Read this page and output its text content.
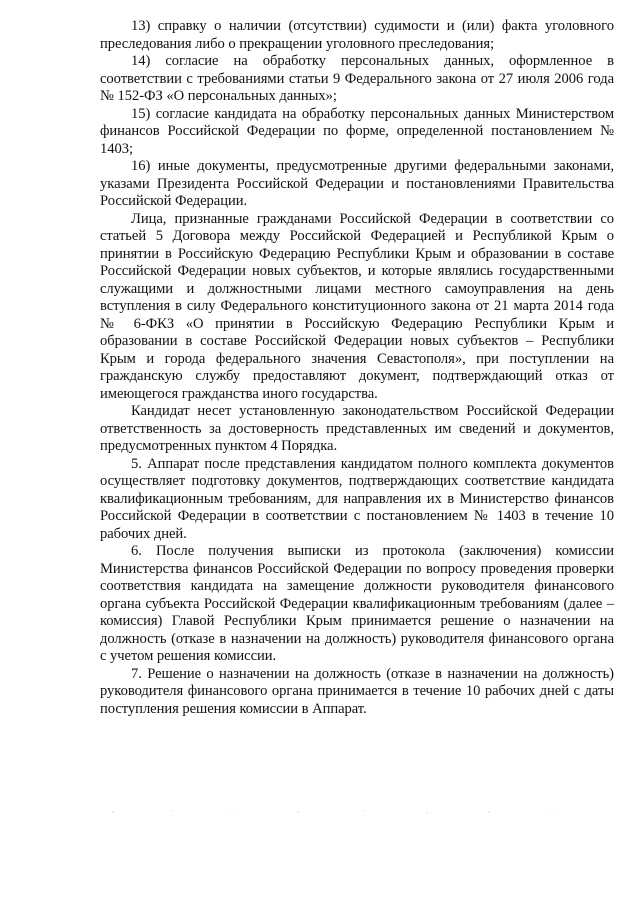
13) справку о наличии (отсутствии) судимости и (или) факта уголовного преследования либо о прекращении уголовного преследования;

14) согласие на обработку персональных данных, оформленное в соответствии с требованиями статьи 9 Федерального закона от 27 июля 2006 года № 152-ФЗ «О персональных данных»;

15) согласие кандидата на обработку персональных данных Министерством финансов Российской Федерации по форме, определенной постановлением № 1403;

16) иные документы, предусмотренные другими федеральными законами, указами Президента Российской Федерации и постановлениями Правительства Российской Федерации.

Лица, признанные гражданами Российской Федерации в соответствии со статьей 5 Договора между Российской Федерацией и Республикой Крым о принятии в Российскую Федерацию Республики Крым и образовании в составе Российской Федерации новых субъектов, и которые являлись государственными служащими и должностными лицами местного самоуправления на день вступления в силу Федерального конституционного закона от 21 марта 2014 года № 6-ФКЗ «О принятии в Российскую Федерацию Республики Крым и образовании в составе Российской Федерации новых субъектов – Республики Крым и города федерального значения Севастополя», при поступлении на гражданскую службу предоставляют документ, подтверждающий отказ от имеющегося гражданства иного государства.

Кандидат несет установленную законодательством Российской Федерации ответственность за достоверность представленных им сведений и документов, предусмотренных пунктом 4 Порядка.

5. Аппарат после представления кандидатом полного комплекта документов осуществляет подготовку документов, подтверждающих соответствие кандидата квалификационным требованиям, для направления их в Министерство финансов Российской Федерации в соответствии с постановлением № 1403 в течение 10 рабочих дней.

6. После получения выписки из протокола (заключения) комиссии Министерства финансов Российской Федерации по вопросу проведения проверки соответствия кандидата на замещение должности руководителя финансового органа субъекта Российской Федерации квалификационным требованиям (далее – комиссия) Главой Республики Крым принимается решение о назначении на должность (отказе в назначении на должность) руководителя финансового органа с учетом решения комиссии.

7. Решение о назначении на должность (отказе в назначении на должность) руководителя финансового органа принимается в течение 10 рабочих дней с даты поступления решения комиссии в Аппарат.
